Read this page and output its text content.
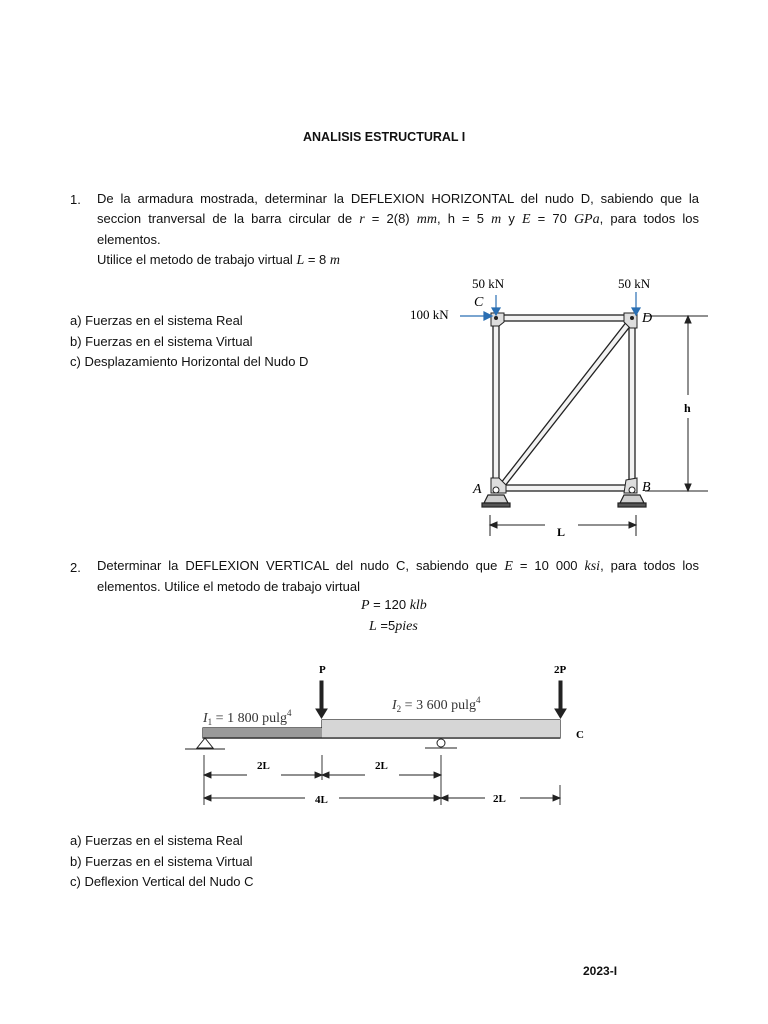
ANALISIS ESTRUCTURAL I
1. De la armadura mostrada, determinar la DEFLEXION HORIZONTAL del nudo D, sabiendo que la
seccion tranversal de la barra circular de r = 2(8) mm, h = 5 m y E = 70 GPa, para todos los
elementos.
Utilice el metodo de trabajo virtual L = 8 m
a) Fuerzas en el sistema Real
b) Fuerzas en el sistema Virtual
c) Desplazamiento Horizontal del Nudo D
50 kN	50 kN
100 kN
C
D
A	B
h
L
2. Determinar la DEFLEXION VERTICAL del nudo C, sabiendo que E = 10 000 ksi, para todos los
elementos. Utilice el metodo de trabajo virtual
P = 120 klb
L =5pies
P	2P
C
$I_1 = 1$ 800 pulg$^4$	$I_2 = 3$ 600 pulg$^4$
2L	2L
4L	2L
a) Fuerzas en el sistema Real
b) Fuerzas en el sistema Virtual
c) Deflexion Vertical del Nudo C
2023-I
